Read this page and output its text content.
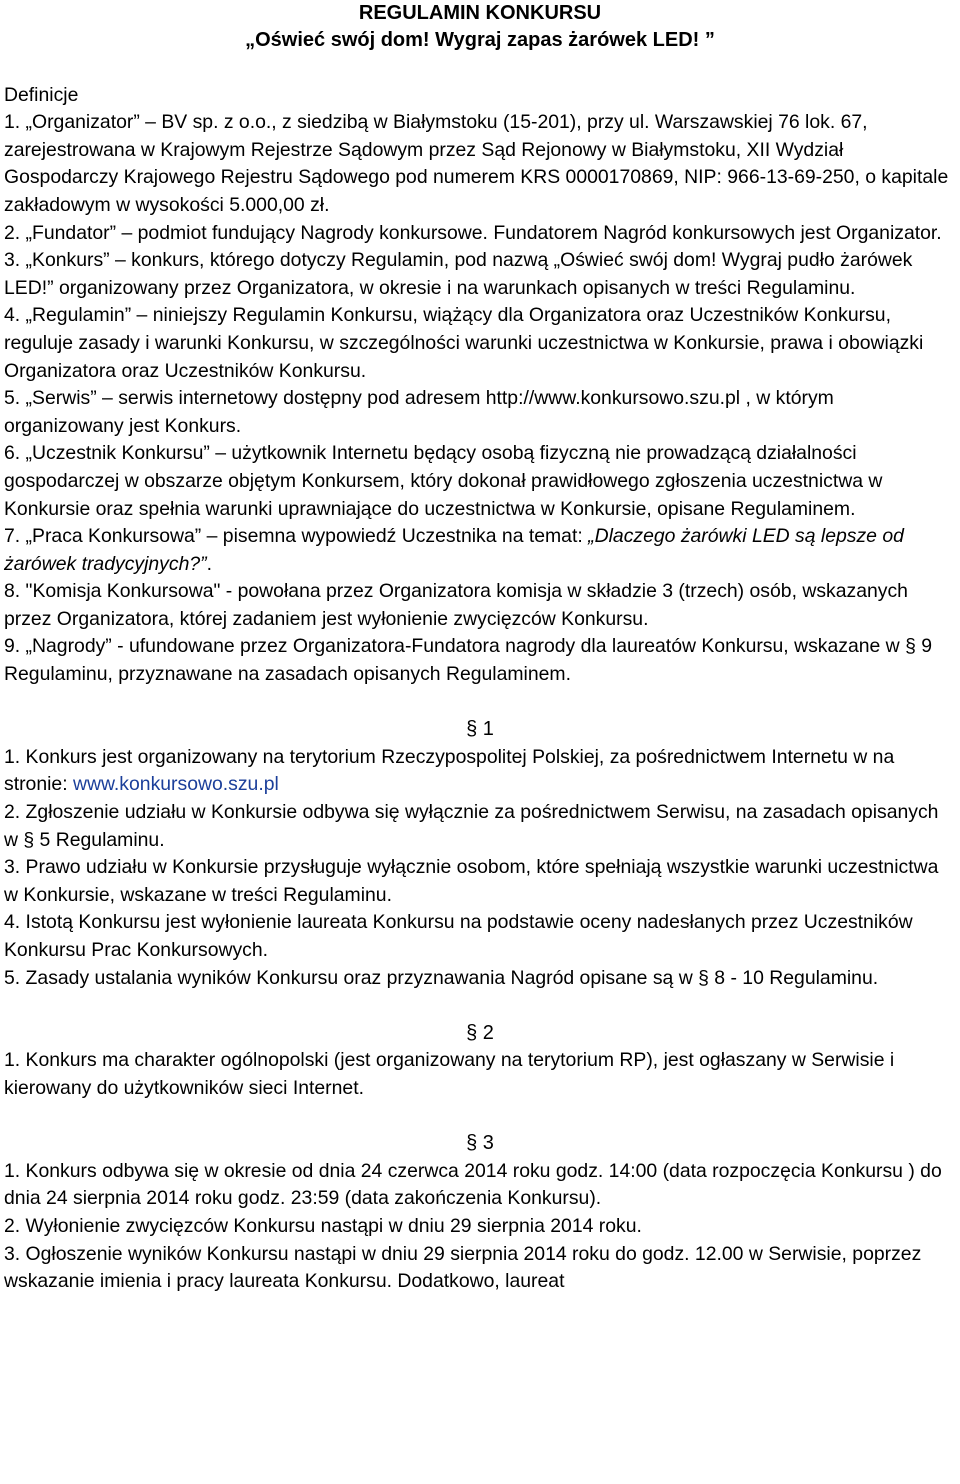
REGULAMIN KONKURSU
„Oświeć swój dom! Wygraj zapas żarówek LED! ”

Definicje

1. „Organizator” – BV sp. z o.o., z siedzibą w Białymstoku (15-201), przy ul. Warszawskiej 76 lok. 67, zarejestrowana w Krajowym Rejestrze Sądowym przez Sąd Rejonowy w Białymstoku, XII Wydział Gospodarczy Krajowego Rejestru Sądowego pod numerem KRS 0000170869, NIP: 966-13-69-250, o kapitale zakładowym w wysokości 5.000,00 zł.

2. „Fundator” – podmiot fundujący Nagrody konkursowe. Fundatorem Nagród konkursowych jest Organizator.

3. „Konkurs” – konkurs, którego dotyczy Regulamin, pod nazwą „Oświeć swój dom! Wygraj pudło żarówek LED!” organizowany przez Organizatora, w okresie i na warunkach opisanych w treści Regulaminu.

4. „Regulamin” – niniejszy Regulamin Konkursu, wiążący dla Organizatora oraz Uczestników Konkursu, reguluje zasady i warunki Konkursu, w szczególności warunki uczestnictwa w Konkursie, prawa i obowiązki Organizatora oraz Uczestników Konkursu.

5. „Serwis” – serwis internetowy dostępny pod adresem http://www.konkursowo.szu.pl , w którym organizowany jest Konkurs.

6. „Uczestnik Konkursu” – użytkownik Internetu będący osobą fizyczną nie prowadzącą działalności gospodarczej w obszarze objętym Konkursem, który dokonał prawidłowego zgłoszenia uczestnictwa w Konkursie oraz spełnia warunki uprawniające do uczestnictwa w Konkursie, opisane Regulaminem.

7. „Praca Konkursowa” – pisemna wypowiedź Uczestnika na temat: „Dlaczego żarówki LED są lepsze od żarówek tradycyjnych?”.

8. "Komisja Konkursowa" - powołana przez Organizatora komisja w składzie 3 (trzech) osób, wskazanych przez Organizatora, której zadaniem jest wyłonienie zwycięzców Konkursu.

9. „Nagrody” - ufundowane przez Organizatora-Fundatora nagrody dla laureatów Konkursu, wskazane w § 9 Regulaminu, przyznawane na zasadach opisanych Regulaminem.

§ 1

1. Konkurs jest organizowany na terytorium Rzeczypospolitej Polskiej, za pośrednictwem Internetu w na stronie: www.konkursowo.szu.pl

2. Zgłoszenie udziału w Konkursie odbywa się wyłącznie za pośrednictwem Serwisu, na zasadach opisanych w § 5 Regulaminu.

3. Prawo udziału w Konkursie przysługuje wyłącznie osobom, które spełniają wszystkie warunki uczestnictwa w Konkursie, wskazane w treści Regulaminu.

4. Istotą Konkursu jest wyłonienie laureata Konkursu na podstawie oceny nadesłanych przez Uczestników Konkursu Prac Konkursowych.

5. Zasady ustalania wyników Konkursu oraz przyznawania Nagród opisane są w § 8 - 10 Regulaminu.

§ 2

1. Konkurs ma charakter ogólnopolski (jest organizowany na terytorium RP), jest ogłaszany w Serwisie i kierowany do użytkowników sieci Internet.

§ 3

1. Konkurs odbywa się w okresie od dnia 24 czerwca 2014 roku godz. 14:00 (data rozpoczęcia Konkursu ) do dnia 24 sierpnia 2014 roku godz. 23:59 (data zakończenia Konkursu).

2. Wyłonienie zwycięzców Konkursu nastąpi w dniu 29 sierpnia 2014 roku.

3. Ogłoszenie wyników Konkursu nastąpi w dniu 29 sierpnia 2014 roku do godz. 12.00 w Serwisie, poprzez wskazanie imienia i pracy laureata Konkursu. Dodatkowo, laureat
